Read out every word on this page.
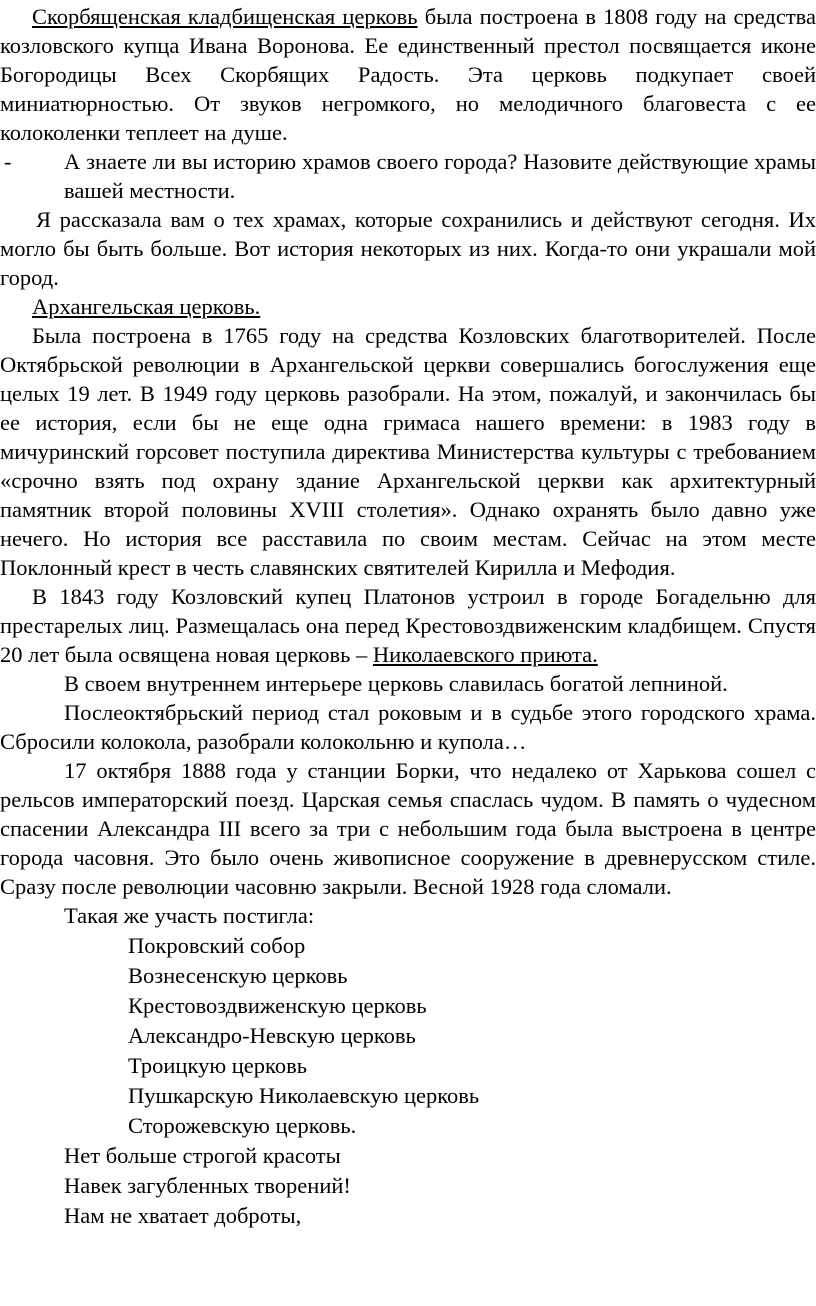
Скорбященская кладбищенская церковь была построена в 1808 году на средства козловского купца Ивана Воронова. Ее единственный престол посвящается иконе Богородицы Всех Скорбящих Радость. Эта церковь подкупает своей миниатюрностью. От звуков негромкого, но мелодичного благовеста с ее колоколенки теплеет на душе.

- А знаете ли вы историю храмов своего города? Назовите действующие храмы вашей местности.

Я рассказала вам о тех храмах, которые сохранились и действуют сегодня. Их могло бы быть больше. Вот история некоторых из них. Когда-то они украшали мой город.

Архангельская церковь.

Была построена в 1765 году на средства Козловских благотворителей. После Октябрьской революции в Архангельской церкви совершались богослужения еще целых 19 лет. В 1949 году церковь разобрали. На этом, пожалуй, и закончилась бы ее история, если бы не еще одна гримаса нашего времени: в 1983 году в мичуринский горсовет поступила директива Министерства культуры с требованием «срочно взять под охрану здание Архангельской церкви как архитектурный памятник второй половины XVIII столетия». Однако охранять было давно уже нечего. Но история все расставила по своим местам. Сейчас на этом месте Поклонный крест в честь славянских святителей Кирилла и Мефодия.

В 1843 году Козловский купец Платонов устроил в городе Богадельню для престарелых лиц. Размещалась она перед Крестовоздвиженским кладбищем. Спустя 20 лет была освящена новая церковь – Николаевского приюта.

В своем внутреннем интерьере церковь славилась богатой лепниной.

Послеоктябрьский период стал роковым и в судьбе этого городского храма. Сбросили колокола, разобрали колокольню и купола…

17 октября 1888 года у станции Борки, что недалеко от Харькова сошел с рельсов императорский поезд. Царская семья спаслась чудом. В память о чудесном спасении Александра III всего за три с небольшим года была выстроена в центре города часовня. Это было очень живописное сооружение в древнерусском стиле. Сразу после революции часовню закрыли. Весной 1928 года сломали.

Такая же участь постигла:

Покровский собор

Вознесенскую церковь

Крестовоздвиженскую церковь

Александро-Невскую церковь

Троицкую церковь

Пушкарскую Николаевскую церковь

Сторожевскую церковь.

Нет больше строгой красоты

Навек загубленных творений!

Нам не хватает доброты,
